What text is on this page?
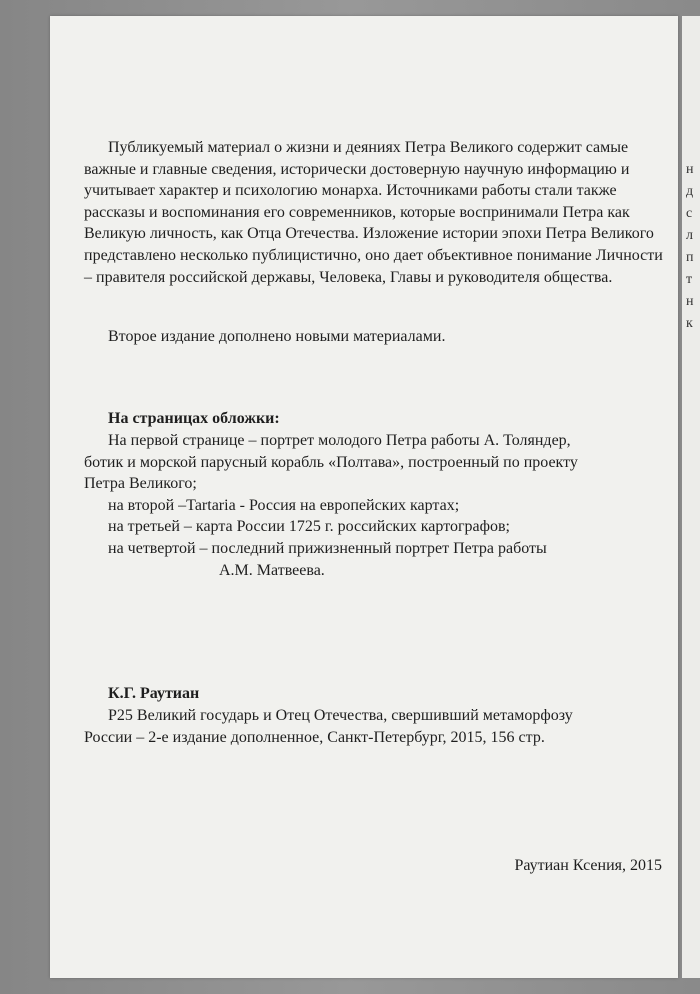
н
д
с
л
п
т
н
к

Публикуемый материал о жизни и деяниях Петра Великого содержит самые важные и главные сведения, исторически достоверную научную информацию и учитывает характер и психологию монарха. Источниками работы стали также рассказы и воспоминания его современников, которые воспринимали Петра как Великую личность, как Отца Отечества. Изложение истории эпохи Петра Великого представлено несколько публицистично, оно дает объективное понимание Личности – правителя российской державы, Человека, Главы и руководителя общества.

Второе издание дополнено новыми материалами.
На страницах обложки:
На первой странице – портрет молодого Петра работы А. Толяндер,
ботик и морской парусный корабль «Полтава», построенный по проекту
Петра Великого;
на второй –Tartaria - Россия на европейских картах;
на третьей – карта России 1725 г. российских картографов;
на четвертой – последний прижизненный портрет Петра работы
А.М. Матвеева.
К.Г. Раутиан
Р25 Великий государь и Отец Отечества, свершивший метаморфозу
России – 2-е издание дополненное, Санкт-Петербург, 2015, 156 стр.
Раутиан Ксения, 2015
